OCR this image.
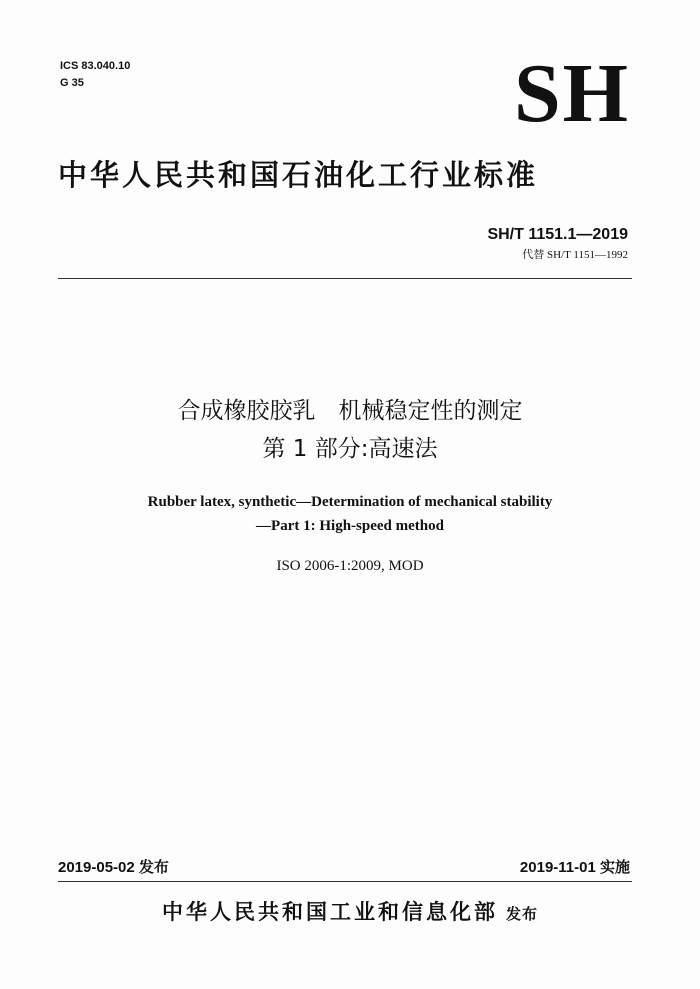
ICS 83.040.10
G 35	SH
中华人民共和国石油化工行业标准
SH/T 1151.1—2019
代替 SH/T 1151—1992
合成橡胶胶乳　机械稳定性的测定
第 1 部分:高速法
Rubber latex, synthetic—Determination of mechanical stability
—Part 1: High-speed method
ISO 2006-1:2009, MOD
2019-05-02 发布	2019-11-01 实施
中华人民共和国工业和信息化部 发布
